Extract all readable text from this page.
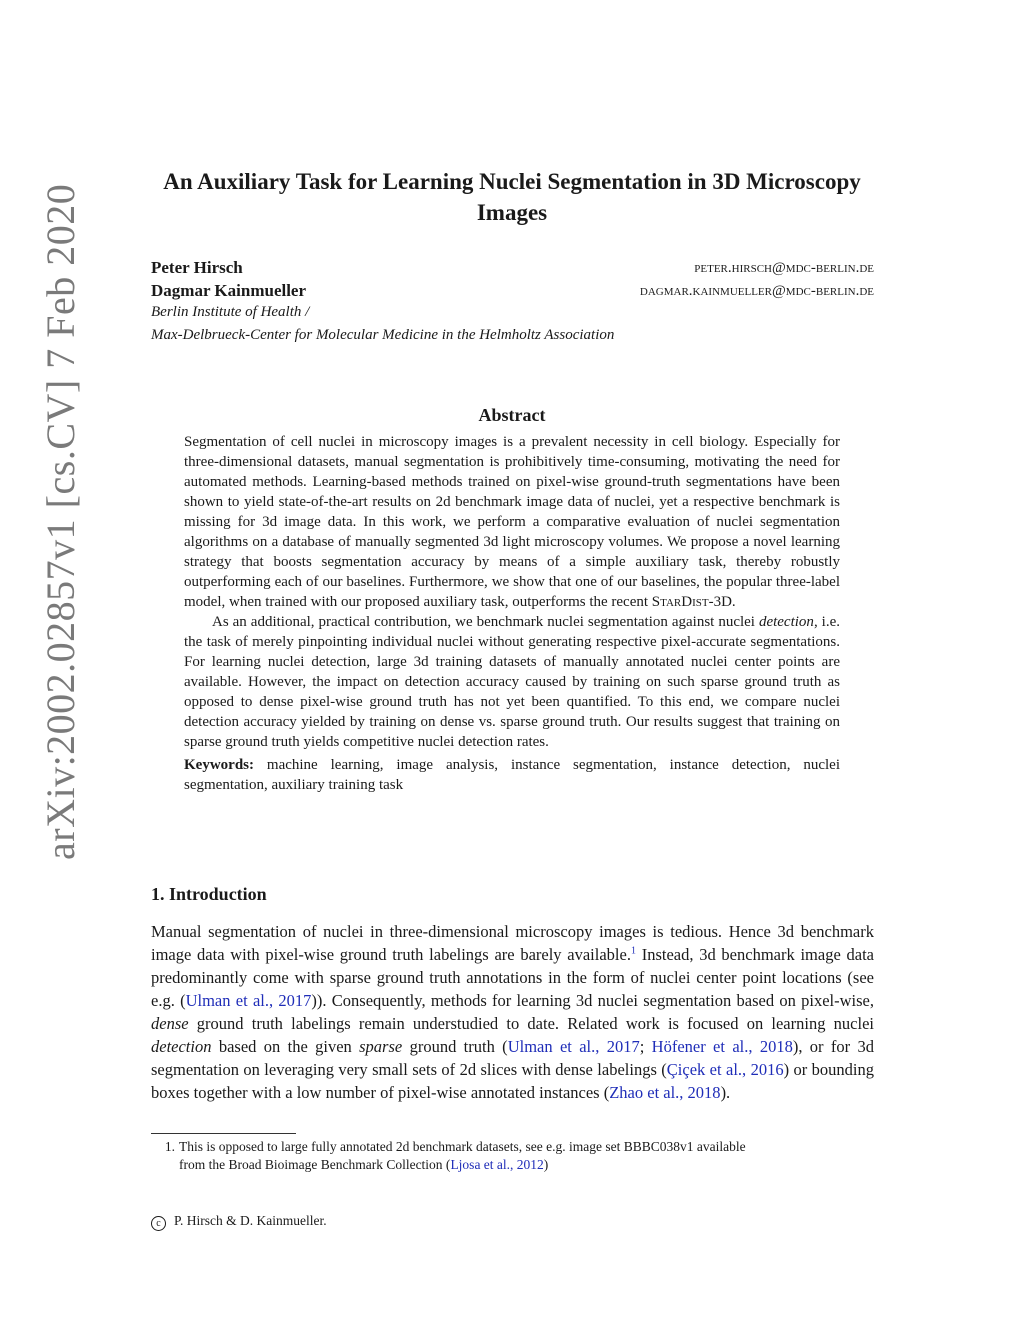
arXiv:2002.02857v1 [cs.CV] 7 Feb 2020
An Auxiliary Task for Learning Nuclei Segmentation in 3D Microscopy Images
Peter Hirsch	peter.hirsch@mdc-berlin.de
Dagmar Kainmueller	dagmar.kainmueller@mdc-berlin.de
Berlin Institute of Health /
Max-Delbrueck-Center for Molecular Medicine in the Helmholtz Association
Abstract

Segmentation of cell nuclei in microscopy images is a prevalent necessity in cell biology. Especially for three-dimensional datasets, manual segmentation is prohibitively time-consuming, motivating the need for automated methods. Learning-based methods trained on pixel-wise ground-truth segmentations have been shown to yield state-of-the-art results on 2d benchmark image data of nuclei, yet a respective benchmark is missing for 3d image data. In this work, we perform a comparative evaluation of nuclei segmentation algorithms on a database of manually segmented 3d light microscopy volumes. We propose a novel learning strategy that boosts segmentation accuracy by means of a simple auxiliary task, thereby robustly outperforming each of our baselines. Furthermore, we show that one of our baselines, the popular three-label model, when trained with our proposed auxiliary task, outperforms the recent StarDist-3D.

As an additional, practical contribution, we benchmark nuclei segmentation against nuclei detection, i.e. the task of merely pinpointing individual nuclei without generating respective pixel-accurate segmentations. For learning nuclei detection, large 3d training datasets of manually annotated nuclei center points are available. However, the impact on detection accuracy caused by training on such sparse ground truth as opposed to dense pixel-wise ground truth has not yet been quantified. To this end, we compare nuclei detection accuracy yielded by training on dense vs. sparse ground truth. Our results suggest that training on sparse ground truth yields competitive nuclei detection rates.

Keywords: machine learning, image analysis, instance segmentation, instance detection, nuclei segmentation, auxiliary training task

1. Introduction

Manual segmentation of nuclei in three-dimensional microscopy images is tedious. Hence 3d benchmark image data with pixel-wise ground truth labelings are barely available.$^1$ Instead, 3d benchmark image data predominantly come with sparse ground truth annotations in the form of nuclei center point locations (see e.g. (Ulman et al., 2017)). Consequently, methods for learning 3d nuclei segmentation based on pixel-wise, dense ground truth labelings remain understudied to date. Related work is focused on learning nuclei detection based on the given sparse ground truth (Ulman et al., 2017; Höfener et al., 2018), or for 3d segmentation on leveraging very small sets of 2d slices with dense labelings (Çiçek et al., 2016) or bounding boxes together with a low number of pixel-wise annotated instances (Zhao et al., 2018).

1. This is opposed to large fully annotated 2d benchmark datasets, see e.g. image set BBBC038v1 available
from the Broad Bioimage Benchmark Collection (Ljosa et al., 2012)
c P. Hirsch & D. Kainmueller.
